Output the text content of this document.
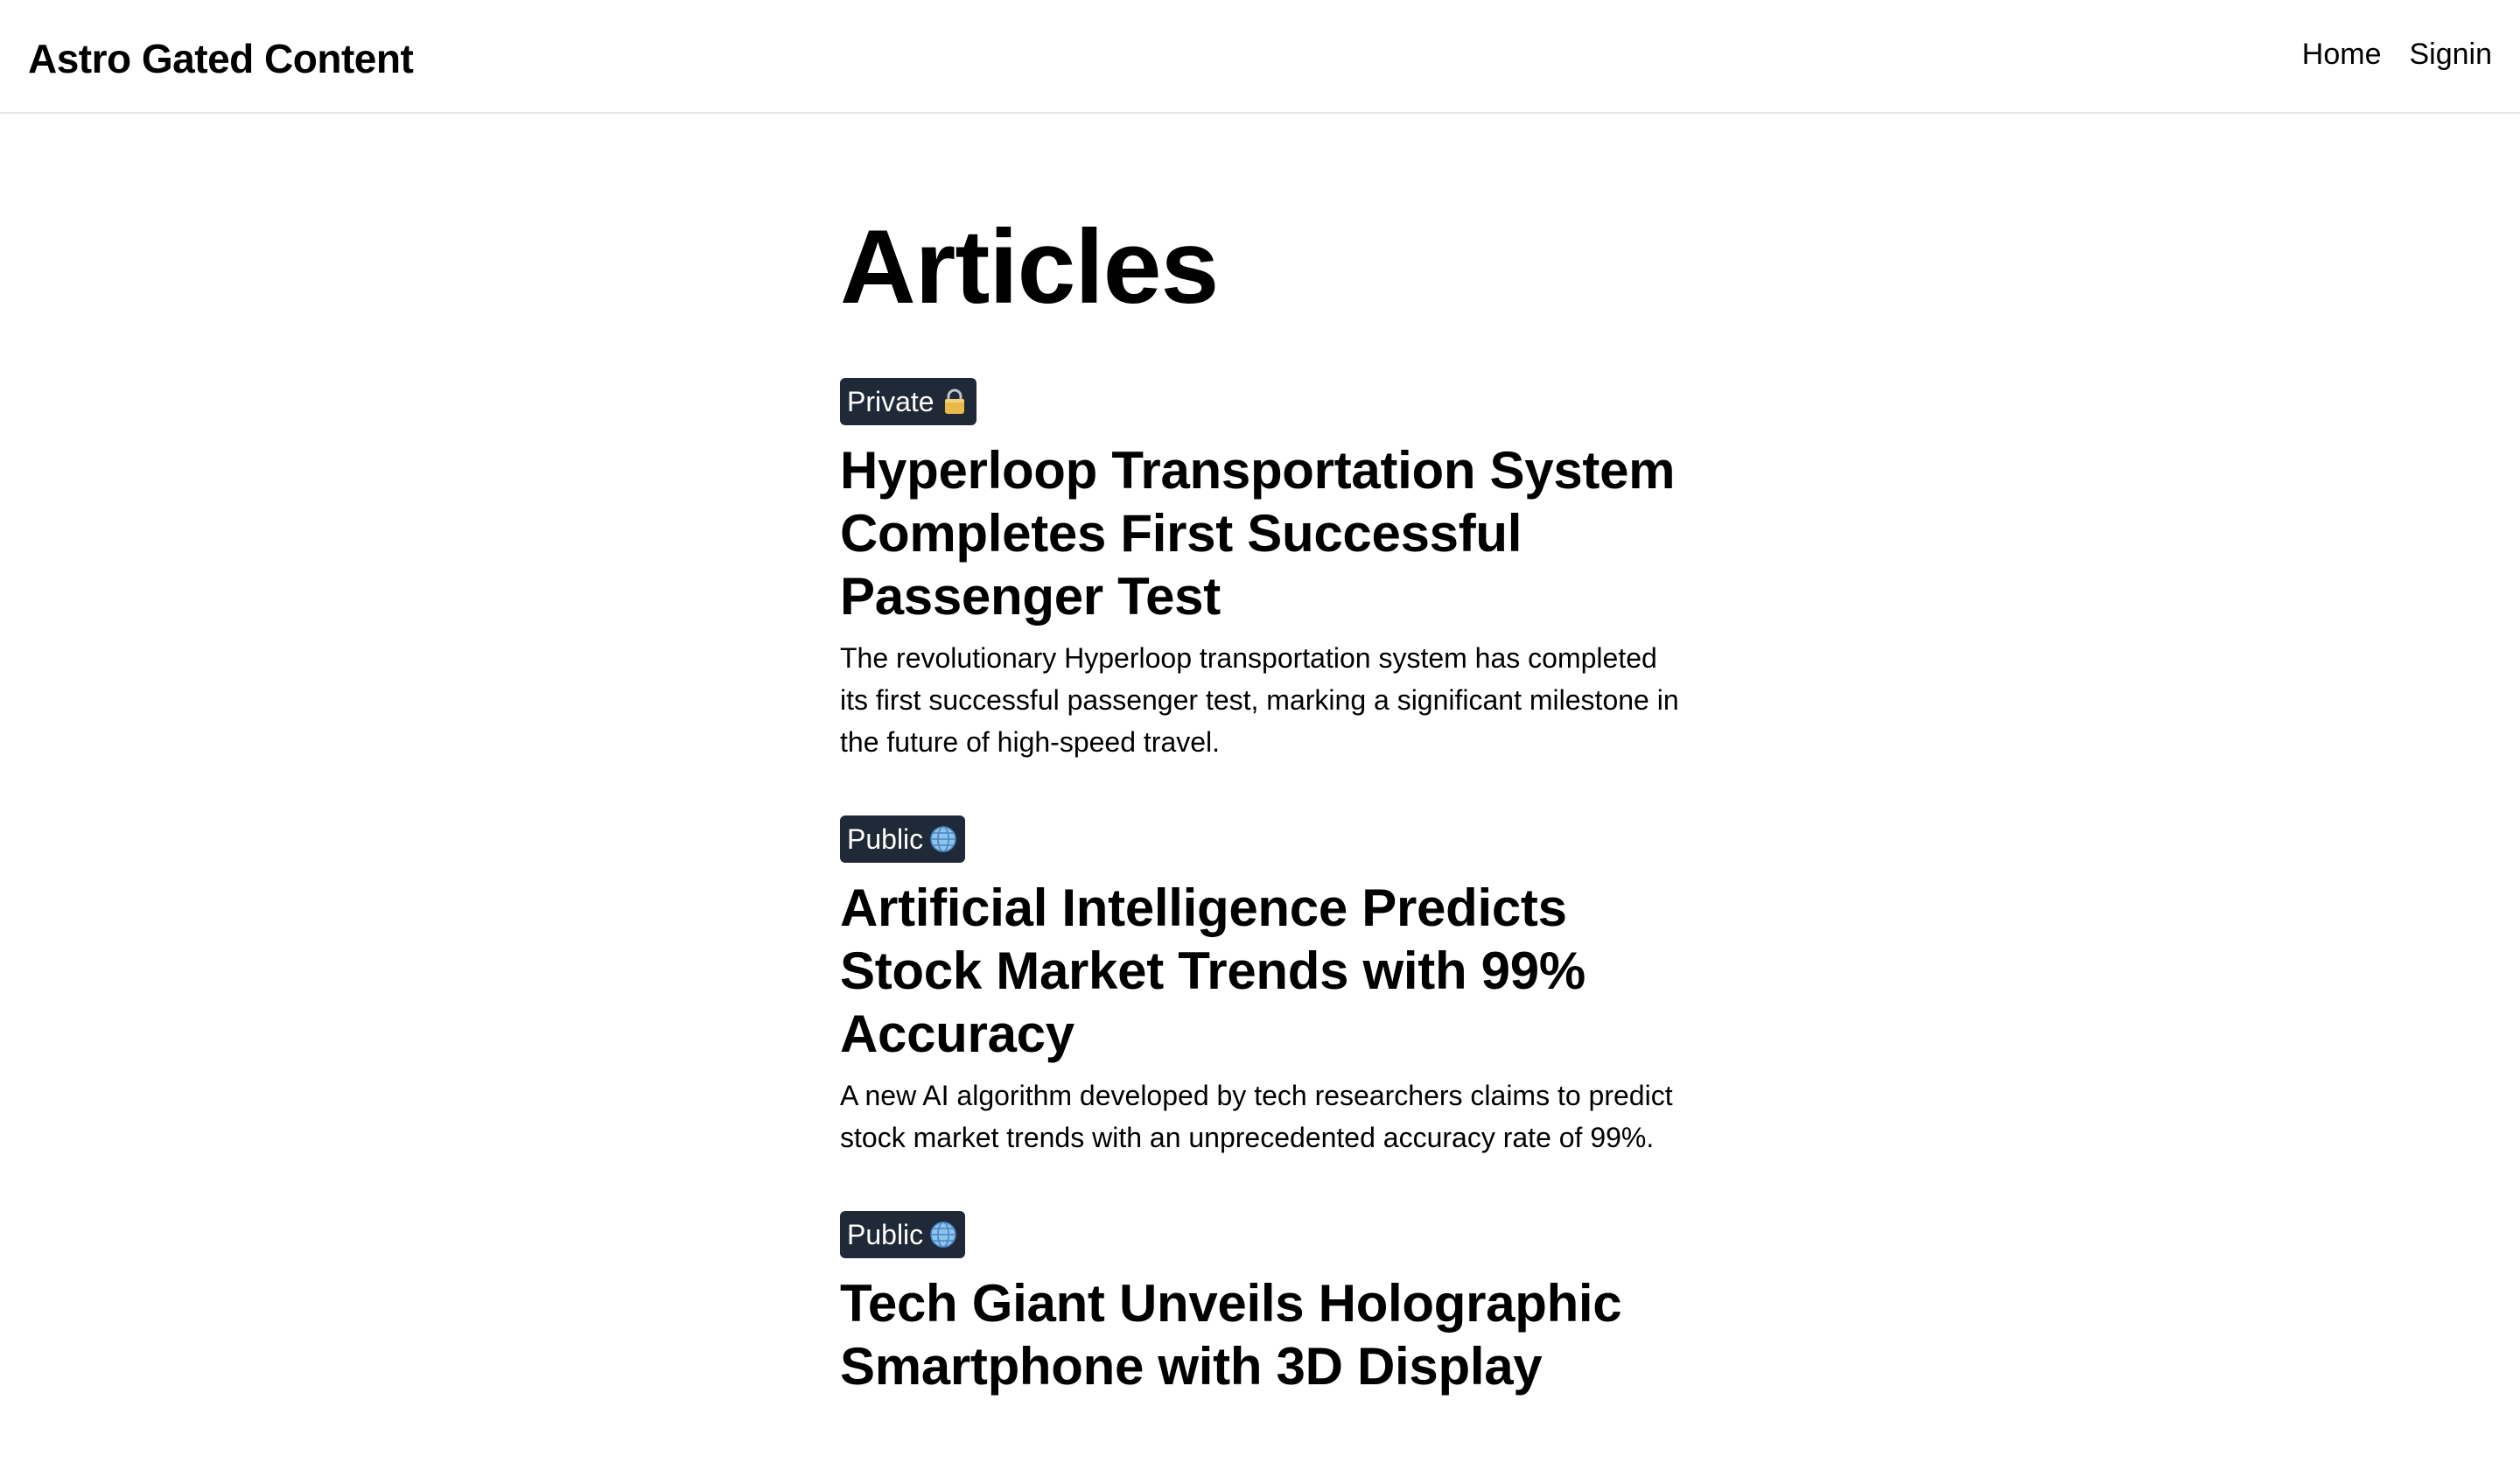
Astro Gated Content	Home Signin
Articles
Private
Hyperloop Transportation System Completes First Successful Passenger Test

The revolutionary Hyperloop transportation system has completed its first successful passenger test, marking a significant milestone in the future of high-speed travel.

Public
Artificial Intelligence Predicts Stock Market Trends with 99% Accuracy

A new AI algorithm developed by tech researchers claims to predict stock market trends with an unprecedented accuracy rate of 99%.

Public
Tech Giant Unveils Holographic Smartphone with 3D Display
